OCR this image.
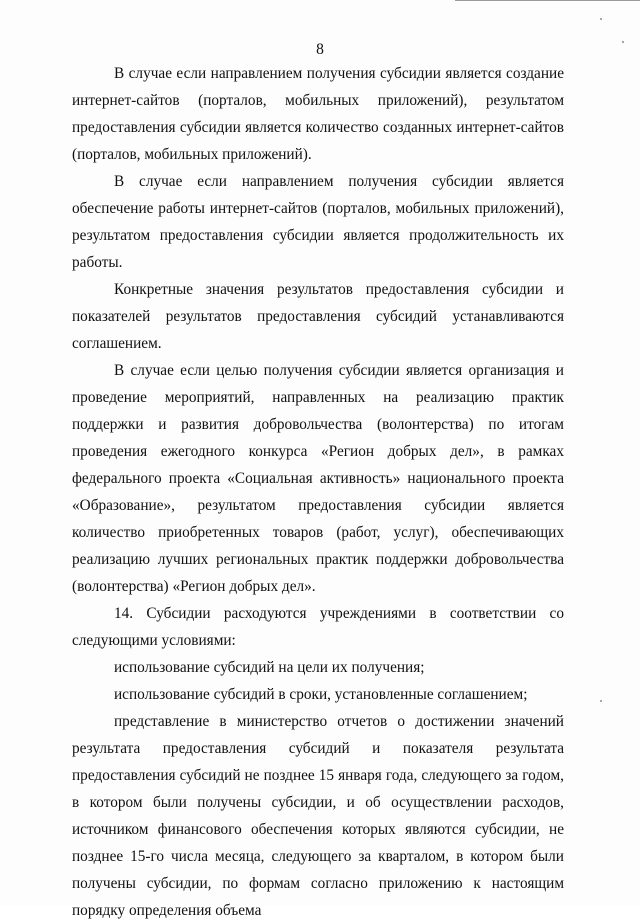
8

В случае если направлением получения субсидии является создание интернет-сайтов (порталов, мобильных приложений), результатом предоставления субсидии является количество созданных интернет-сайтов (порталов, мобильных приложений).

В случае если направлением получения субсидии является обеспечение работы интернет-сайтов (порталов, мобильных приложений), результатом предоставления субсидии является продолжительность их работы.

Конкретные значения результатов предоставления субсидии и показателей результатов предоставления субсидий устанавливаются соглашением.

В случае если целью получения субсидии является организация и проведение мероприятий, направленных на реализацию практик поддержки и развития добровольчества (волонтерства) по итогам проведения ежегодного конкурса «Регион добрых дел», в рамках федерального проекта «Социальная активность» национального проекта «Образование», результатом предоставления субсидии является количество приобретенных товаров (работ, услуг), обеспечивающих реализацию лучших региональных практик поддержки добровольчества (волонтерства) «Регион добрых дел».

14. Субсидии расходуются учреждениями в соответствии со следующими условиями:

использование субсидий на цели их получения;

использование субсидий в сроки, установленные соглашением;

представление в министерство отчетов о достижении значений результата предоставления субсидий и показателя результата предоставления субсидий не позднее 15 января года, следующего за годом, в котором были получены субсидии, и об осуществлении расходов, источником финансового обеспечения которых являются субсидии, не позднее 15-го числа месяца, следующего за кварталом, в котором были получены субсидии, по формам согласно приложению к настоящим порядку определения объема
